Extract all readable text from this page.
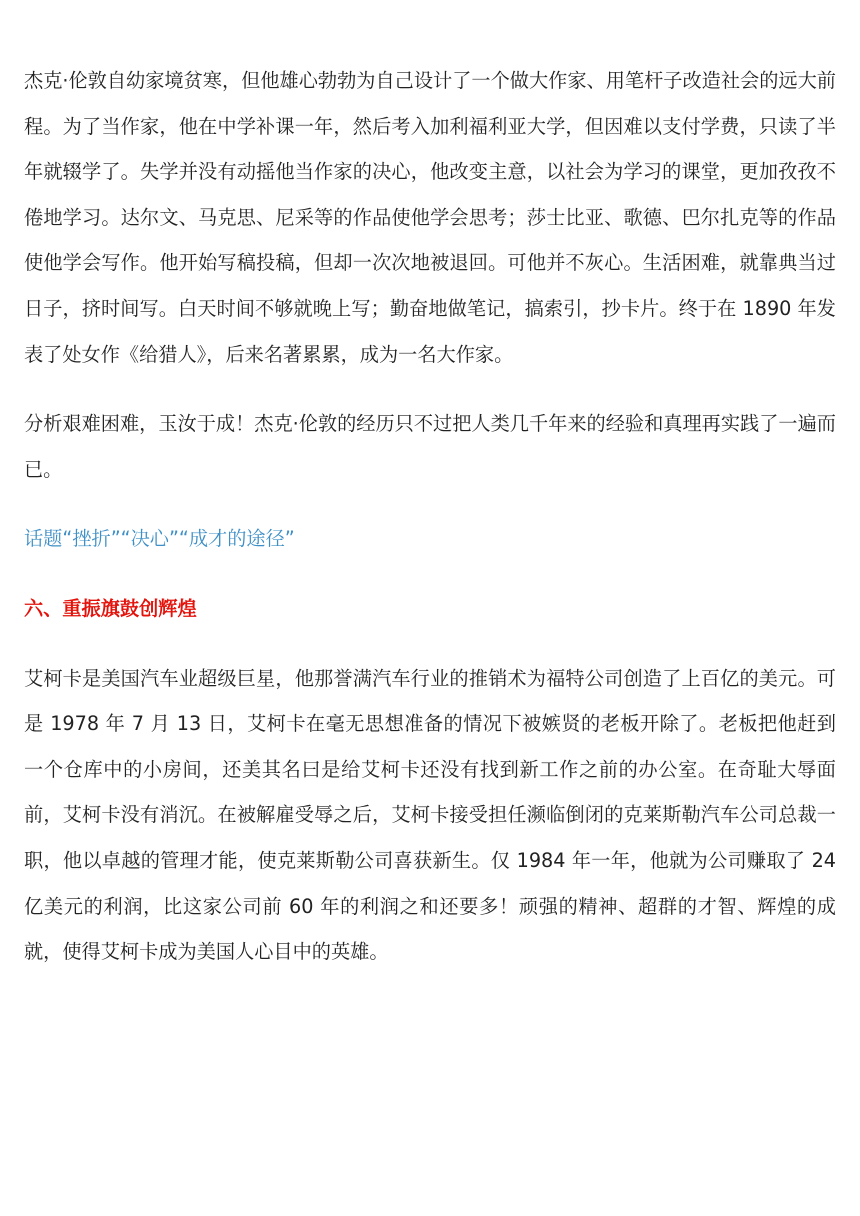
杰克·伦敦自幼家境贫寒，但他雄心勃勃为自己设计了一个做大作家、用笔杆子改造社会的远大前程。为了当作家，他在中学补课一年，然后考入加利福利亚大学，但因难以支付学费，只读了半年就辍学了。失学并没有动摇他当作家的决心，他改变主意，以社会为学习的课堂，更加孜孜不倦地学习。达尔文、马克思、尼采等的作品使他学会思考；莎士比亚、歌德、巴尔扎克等的作品使他学会写作。他开始写稿投稿，但却一次次地被退回。可他并不灰心。生活困难，就靠典当过日子，挤时间写。白天时间不够就晚上写；勤奋地做笔记，搞索引，抄卡片。终于在 1890 年发表了处女作《给猎人》，后来名著累累，成为一名大作家。

分析艰难困难，玉汝于成！杰克·伦敦的经历只不过把人类几千年来的经验和真理再实践了一遍而已。

话题“挫折”“决心”“成才的途径”

六、重振旗鼓创辉煌

艾柯卡是美国汽车业超级巨星，他那誉满汽车行业的推销术为福特公司创造了上百亿的美元。可是 1978 年 7 月 13 日，艾柯卡在毫无思想准备的情况下被嫉贤的老板开除了。老板把他赶到一个仓库中的小房间，还美其名曰是给艾柯卡还没有找到新工作之前的办公室。在奇耻大辱面前，艾柯卡没有消沉。在被解雇受辱之后，艾柯卡接受担任濒临倒闭的克莱斯勒汽车公司总裁一职，他以卓越的管理才能，使克莱斯勒公司喜获新生。仅 1984 年一年，他就为公司赚取了 24 亿美元的利润，比这家公司前 60 年的利润之和还要多！顽强的精神、超群的才智、辉煌的成就，使得艾柯卡成为美国人心目中的英雄。
